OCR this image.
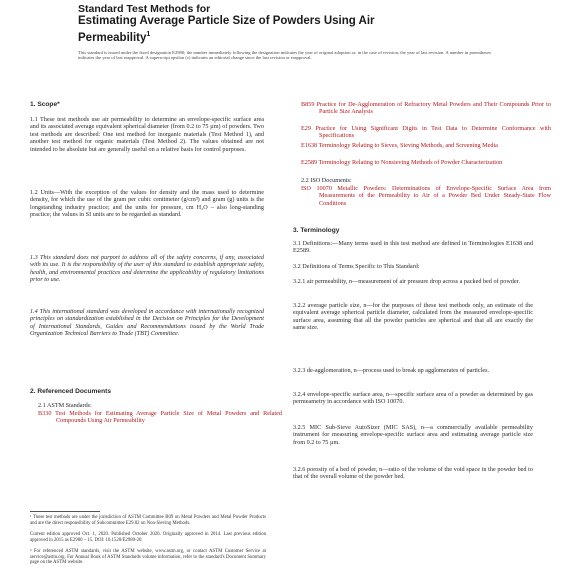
Standard Test Methods for

Estimating Average Particle Size of Powders Using Air

Permeability$^1$

This standard is issued under the fixed designation E2980; the number immediately following the designation indicates the year of original adoption or, in the case of revision, the year of last revision. A number in parentheses indicates the year of last reapproval. A superscript epsilon (ε) indicates an editorial change since the last revision or reapproval.

1. Scope*

1.1 These test methods use air permeability to determine an envelope-specific surface area and its associated average equivalent spherical diameter (from 0.2 to 75 µm) of powders. Two test methods are described: One test method for inorganic materials (Test Method 1), and another test method for organic materials (Test Method 2). The values obtained are not intended to be absolute but are generally useful on a relative basis for control purposes.

1.2 Units—With the exception of the values for density and the mass used to determine density, for which the use of the gram per cubic centimeter (g/cm³) and gram (g) units is the longstanding industry practice; and the units for pressure, cm H₂O – also long-standing practice; the values in SI units are to be regarded as standard.

1.3 This standard does not purport to address all of the safety concerns, if any, associated with its use. It is the responsibility of the user of this standard to establish appropriate safety, health, and environmental practices and determine the applicability of regulatory limitations prior to use.

1.4 This international standard was developed in accordance with internationally recognized principles on standardization established in the Decision on Principles for the Development of International Standards, Guides and Recommendations issued by the World Trade Organization Technical Barriers to Trade (TBT) Committee.

2. Referenced Documents

2.1 ASTM Standards:

B330 Test Methods for Estimating Average Particle Size of Metal Powders and Related Compounds Using Air Permeability

¹ These test methods are under the jurisdiction of ASTM Committee B09 on Metal Powders and Metal Powder Products and are the direct responsibility of Subcommittee E29.02 on Non-Sieving Methods.

Current edition approved Oct. 1, 2020. Published October 2020. Originally approved in 2014. Last previous edition approved in 2015 as E2980 – 15. DOI: 10.1520/E2980-20.

² For referenced ASTM standards, visit the ASTM website, www.astm.org, or contact ASTM Customer Service at service@astm.org. For Annual Book of ASTM Standards volume information, refer to the standard's Document Summary page on the ASTM website.

B859 Practice for De-Agglomeration of Refractory Metal Powders and Their Compounds Prior to Particle Size Analysis

E29 Practice for Using Significant Digits in Test Data to Determine Conformance with Specifications

E1638 Terminology Relating to Sieves, Sieving Methods, and Screening Media

E2589 Terminology Relating to Nonsieving Methods of Powder Characterization

2.2 ISO Documents:

ISO 10070 Metallic Powders: Determinations of Envelope-Specific Surface Area from Measurements of the Permeability to Air of a Powder Bed Under Steady-State Flow Conditions

3. Terminology

3.1 Definitions:—Many terms used in this test method are defined in Terminologies E1638 and E2589.

3.2 Definitions of Terms Specific to This Standard:

3.2.1 air permeability, n—measurement of air pressure drop across a packed bed of powder.

3.2.2 average particle size, n—for the purposes of these test methods only, an estimate of the equivalent average spherical particle diameter, calculated from the measured envelope-specific surface area, assuming that all the powder particles are spherical and that all are exactly the same size.

3.2.3 de-agglomeration, n—process used to break up agglomerates of particles.

3.2.4 envelope-specific surface area, n—specific surface area of a powder as determined by gas permeametry in accordance with ISO 10070.

3.2.5 MIC Sub-Sieve AutoSizer (MIC SAS), n—a commercially available permeability instrument for measuring envelope-specific surface area and estimating average particle size from 0.2 to 75 µm.

3.2.6 porosity of a bed of powder, n—ratio of the volume of the void space in the powder bed to that of the overall volume of the powder bed.
